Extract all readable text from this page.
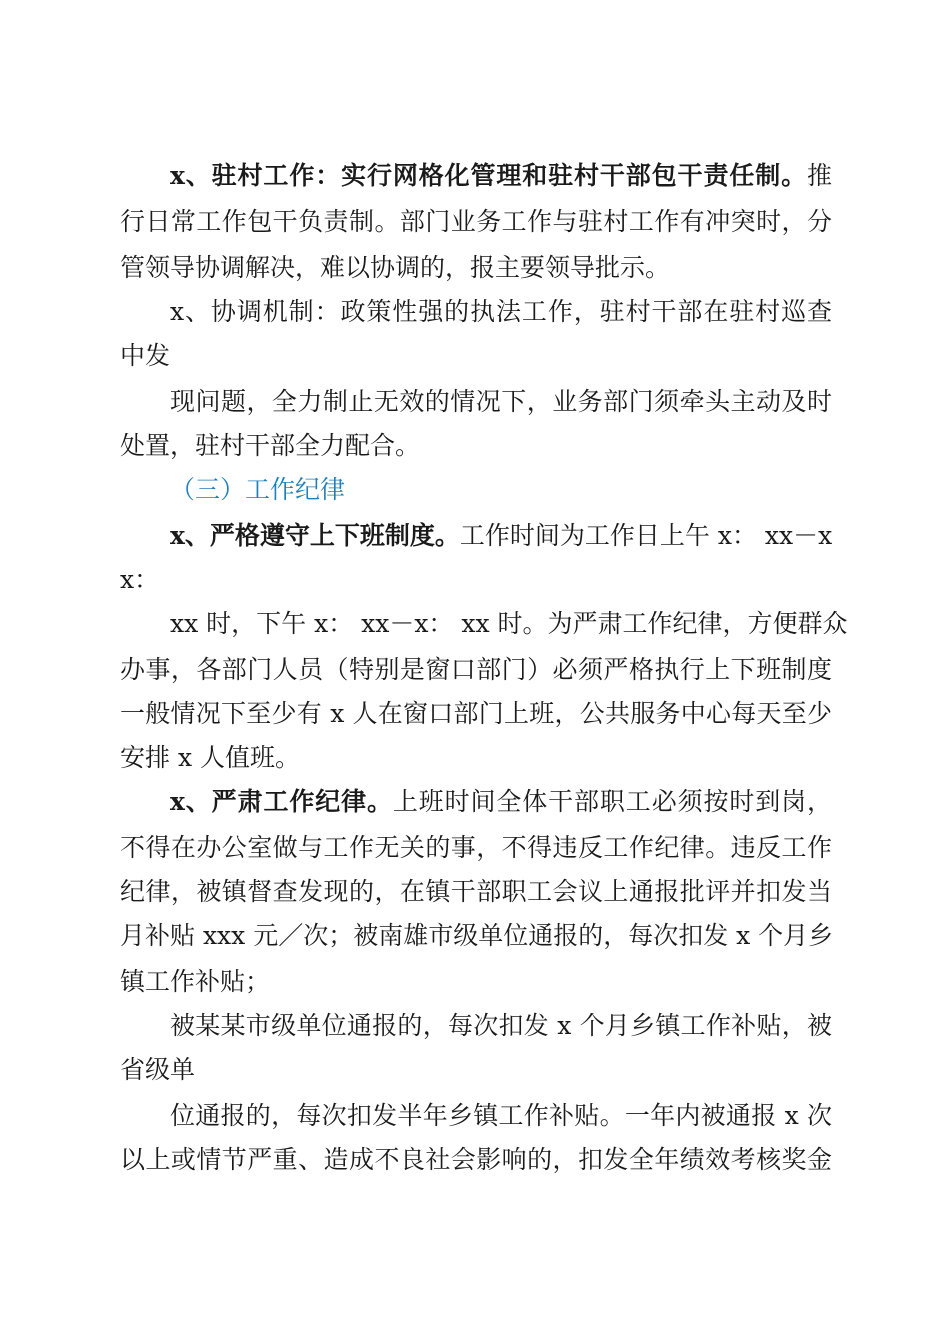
x、驻村工作：实行网格化管理和驻村干部包干责任制。推
行日常工作包干负责制。部门业务工作与驻村工作有冲突时，分
管领导协调解决，难以协调的，报主要领导批示。
x、协调机制：政策性强的执法工作，驻村干部在驻村巡查
中发
现问题，全力制止无效的情况下，业务部门须牵头主动及时
处置，驻村干部全力配合。
（三）工作纪律
x、严格遵守上下班制度。工作时间为工作日上午 x： xx－x
x：
xx 时，下午 x： xx－x： xx 时。为严肃工作纪律，方便群众
办事，各部门人员（特别是窗口部门）必须严格执行上下班制度
一般情况下至少有 x 人在窗口部门上班，公共服务中心每天至少
安排 x 人值班。
x、严肃工作纪律。上班时间全体干部职工必须按时到岗，
不得在办公室做与工作无关的事，不得违反工作纪律。违反工作
纪律，被镇督查发现的，在镇干部职工会议上通报批评并扣发当
月补贴 xxx 元／次；被南雄市级单位通报的，每次扣发 x 个月乡
镇工作补贴；
被某某市级单位通报的，每次扣发 x 个月乡镇工作补贴，被
省级单
位通报的，每次扣发半年乡镇工作补贴。一年内被通报 x 次
以上或情节严重、造成不良社会影响的，扣发全年绩效考核奖金
